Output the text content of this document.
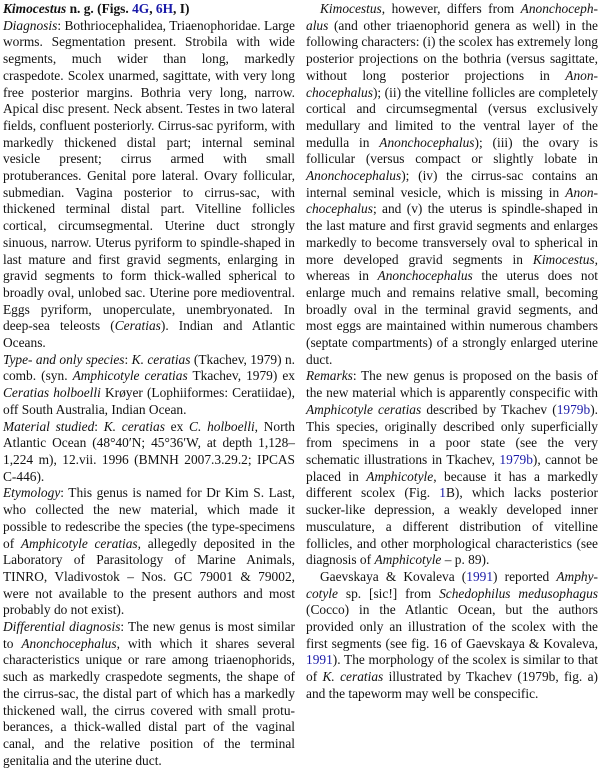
Kimocestus n. g. (Figs. 4G, 6H, I)

Diagnosis: Bothriocephalidea, Triaenophoridae. Large worms. Segmentation present. Strobila with wide segments, much wider than long, markedly craspedote. Scolex unarmed, sagittate, with very long free posterior margins. Bothria very long, narrow. Apical disc present. Neck absent. Testes in two lateral fields, confluent posteriorly. Cirrus-sac pyriform, with markedly thickened distal part; internal seminal vesicle present; cirrus armed with small protuberances. Genital pore lateral. Ovary follicular, submedian. Vagina posterior to cirrus-sac, with thickened terminal distal part. Vitelline follicles cortical, circumsegmental. Uterine duct strongly sinuous, narrow. Uterus pyriform to spindle-shaped in last mature and first gravid segments, enlarging in gravid segments to form thick-walled spherical to broadly oval, unlobed sac. Uterine pore medioventral. Eggs pyriform, unoperculate, unembryonated. In deep-sea teleosts (Ceratias). Indian and Atlantic Oceans.

Type- and only species: K. ceratias (Tkachev, 1979) n. comb. (syn. Amphicotyle ceratias Tkachev, 1979) ex Ceratias holboelli Krøyer (Lophiiformes: Ceratiidae), off South Australia, Indian Ocean.

Material studied: K. ceratias ex C. holboelli, North Atlantic Ocean (48°40′N; 45°36′W, at depth 1,128–1,224 m), 12.vii. 1996 (BMNH 2007.3.29.2; IPCAS C-446).

Etymology: This genus is named for Dr Kim S. Last, who collected the new material, which made it possible to redescribe the species (the type-specimens of Amphicotyle ceratias, allegedly deposited in the Laboratory of Parasitology of Marine Animals, TINRO, Vladivostok – Nos. GC 79001 & 79002, were not available to the present authors and most probably do not exist).

Differential diagnosis: The new genus is most similar to Anonchocephalus, with which it shares several characteristics unique or rare among triaenophorids, such as markedly craspedote segments, the shape of the cirrus-sac, the distal part of which has a markedly thickened wall, the cirrus covered with small protuberances, a thick-walled distal part of the vaginal canal, and the relative position of the terminal genitalia and the uterine duct.

Kimocestus, however, differs from Anonchocephalus (and other triaenophorid genera as well) in the following characters: (i) the scolex has extremely long posterior projections on the bothria (versus sagittate, without long posterior projections in Anonchocephalus); (ii) the vitelline follicles are completely cortical and circumsegmental (versus exclusively medullary and limited to the ventral layer of the medulla in Anonchocephalus); (iii) the ovary is follicular (versus compact or slightly lobate in Anonchocephalus); (iv) the cirrus-sac contains an internal seminal vesicle, which is missing in Anonchocephalus; and (v) the uterus is spindle-shaped in the last mature and first gravid segments and enlarges markedly to become transversely oval to spherical in more developed gravid segments in Kimocestus, whereas in Anonchocephalus the uterus does not enlarge much and remains relative small, becoming broadly oval in the terminal gravid segments, and most eggs are maintained within numerous chambers (septate compartments) of a strongly enlarged uterine duct.

Remarks: The new genus is proposed on the basis of the new material which is apparently conspecific with Amphicotyle ceratias described by Tkachev (1979b). This species, originally described only superficially from specimens in a poor state (see the very schematic illustrations in Tkachev, 1979b), cannot be placed in Amphicotyle, because it has a markedly different scolex (Fig. 1B), which lacks posterior sucker-like depression, a weakly developed inner musculature, a different distribution of vitelline follicles, and other morphological characteristics (see diagnosis of Amphicotyle – p. 89).

Gaevskaya & Kovaleva (1991) reported Amphycotyle sp. [sic!] from Schedophilus medusophagus (Cocco) in the Atlantic Ocean, but the authors provided only an illustration of the scolex with the first segments (see fig. 16 of Gaevskaya & Kovaleva, 1991). The morphology of the scolex is similar to that of K. ceratias illustrated by Tkachev (1979b, fig. a) and the tapeworm may well be conspecific.
